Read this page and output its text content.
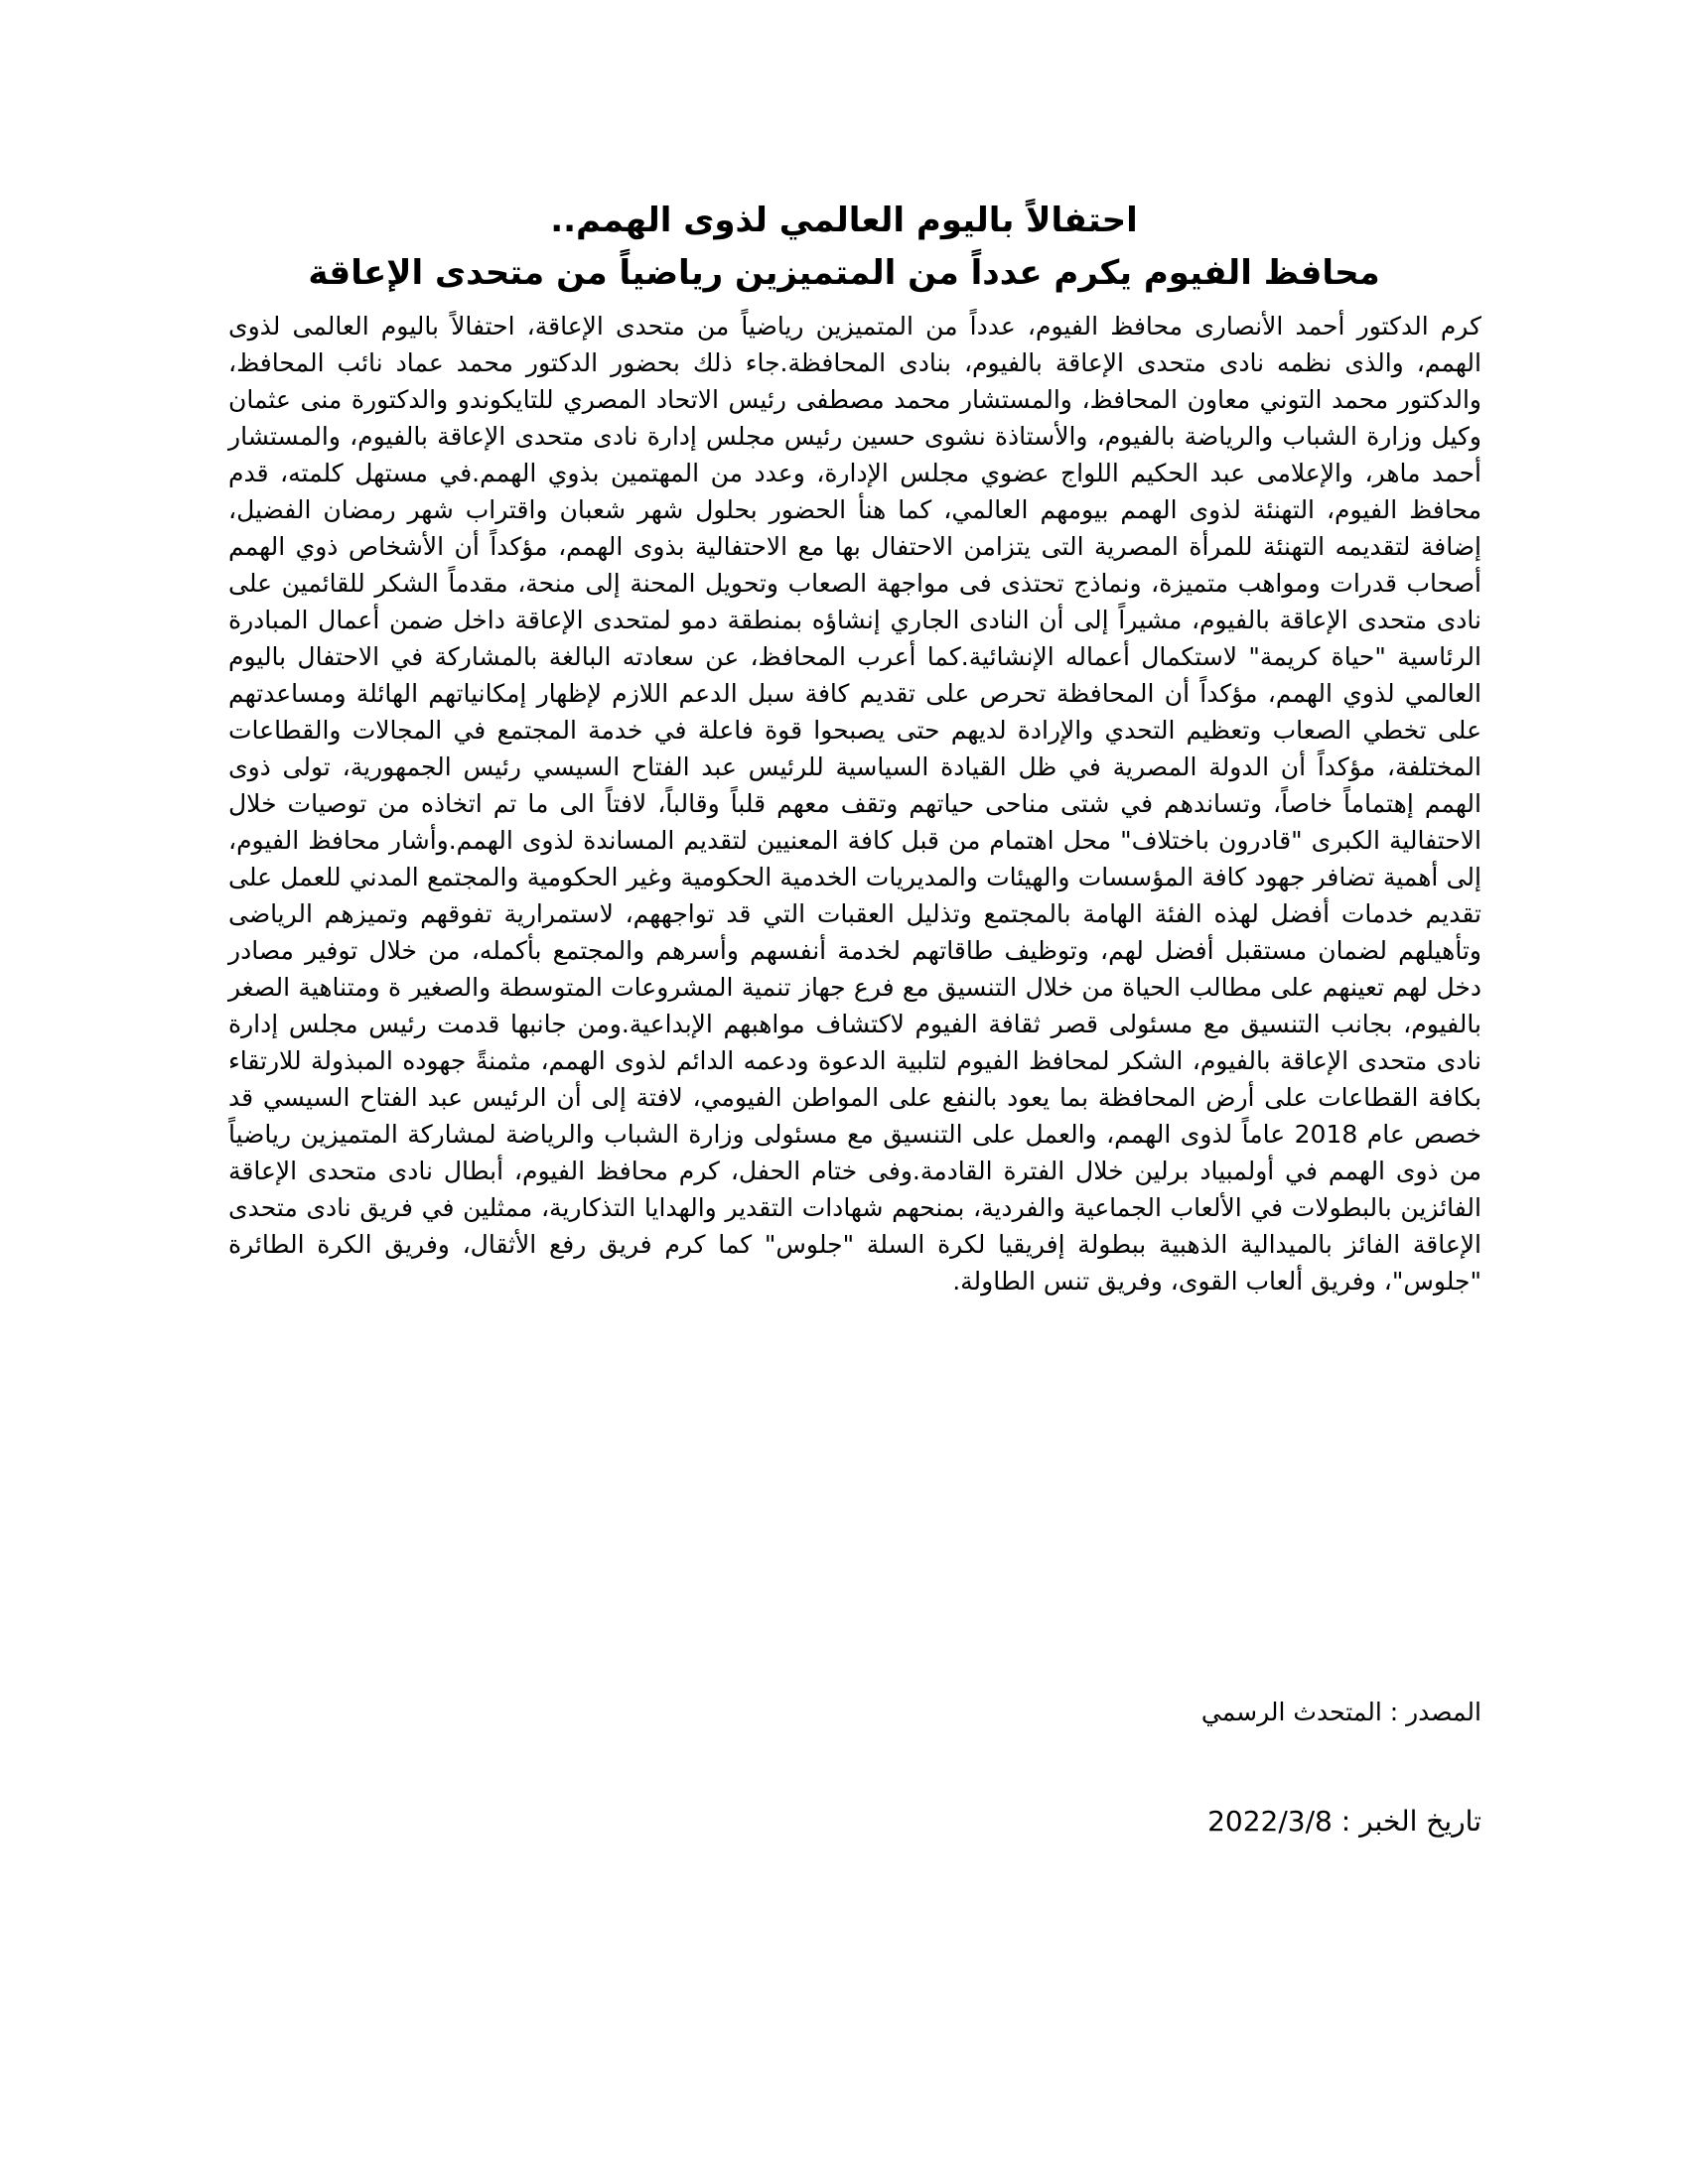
احتفالاً باليوم العالمي لذوى الهمم..
محافظ الفيوم يكرم عدداً من المتميزين رياضياً من متحدى الإعاقة
كرم الدكتور أحمد الأنصارى محافظ الفيوم، عدداً من المتميزين رياضياً من متحدى الإعاقة، احتفالاً باليوم العالمى لذوى الهمم، والذى نظمه نادى متحدى الإعاقة بالفيوم، بنادى المحافظة.جاء ذلك بحضور الدكتور محمد عماد نائب المحافظ، والدكتور محمد التوني معاون المحافظ، والمستشار محمد مصطفى رئيس الاتحاد المصري للتايكوندو والدكتورة منى عثمان وكيل وزارة الشباب والرياضة بالفيوم، والأستاذة نشوى حسين رئيس مجلس إدارة نادى متحدى الإعاقة بالفيوم، والمستشار أحمد ماهر، والإعلامى عبد الحكيم اللواج عضوي مجلس الإدارة، وعدد من المهتمين بذوي الهمم.في مستهل كلمته، قدم محافظ الفيوم، التهنئة لذوى الهمم بيومهم العالمي، كما هنأ الحضور بحلول شهر شعبان واقتراب شهر رمضان الفضيل، إضافة لتقديمه التهنئة للمرأة المصرية التى يتزامن الاحتفال بها مع الاحتفالية بذوى الهمم، مؤكداً أن الأشخاص ذوي الهمم أصحاب قدرات ومواهب متميزة، ونماذج تحتذى فى مواجهة الصعاب وتحويل المحنة إلى منحة، مقدماً الشكر للقائمين على نادى متحدى الإعاقة بالفيوم، مشيراً إلى أن النادى الجاري إنشاؤه بمنطقة دمو لمتحدى الإعاقة داخل ضمن أعمال المبادرة الرئاسية "حياة كريمة" لاستكمال أعماله الإنشائية.كما أعرب المحافظ، عن سعادته البالغة بالمشاركة في الاحتفال باليوم العالمي لذوي الهمم، مؤكداً أن المحافظة تحرص على تقديم كافة سبل الدعم اللازم لإظهار إمكانياتهم الهائلة ومساعدتهم على تخطي الصعاب وتعظيم التحدي والإرادة لديهم حتى يصبحوا قوة فاعلة في خدمة المجتمع في المجالات والقطاعات المختلفة، مؤكداً أن الدولة المصرية في ظل القيادة السياسية للرئيس عبد الفتاح السيسي رئيس الجمهورية، تولى ذوى الهمم إهتماماً خاصاً، وتساندهم في شتى مناحى حياتهم وتقف معهم قلباً وقالباً، لافتاً الى ما تم اتخاذه من توصيات خلال الاحتفالية الكبرى "قادرون باختلاف" محل اهتمام من قبل كافة المعنيين لتقديم المساندة لذوى الهمم.وأشار محافظ الفيوم، إلى أهمية تضافر جهود كافة المؤسسات والهيئات والمديريات الخدمية الحكومية وغير الحكومية والمجتمع المدني للعمل على تقديم خدمات أفضل لهذه الفئة الهامة بالمجتمع وتذليل العقبات التي قد تواجههم، لاستمرارية تفوقهم وتميزهم الرياضى وتأهيلهم لضمان مستقبل أفضل لهم، وتوظيف طاقاتهم لخدمة أنفسهم وأسرهم والمجتمع بأكمله، من خلال توفير مصادر دخل لهم تعينهم على مطالب الحياة من خلال التنسيق مع فرع جهاز تنمية المشروعات المتوسطة والصغير ة ومتناهية الصغر بالفيوم، بجانب التنسيق مع مسئولى قصر ثقافة الفيوم لاكتشاف مواهبهم الإبداعية.ومن جانبها قدمت رئيس مجلس إدارة نادى متحدى الإعاقة بالفيوم، الشكر لمحافظ الفيوم لتلبية الدعوة ودعمه الدائم لذوى الهمم، مثمنةً جهوده المبذولة للارتقاء بكافة القطاعات على أرض المحافظة بما يعود بالنفع على المواطن الفيومي، لافتة إلى أن الرئيس عبد الفتاح السيسي قد خصص عام 2018 عاماً لذوى الهمم، والعمل على التنسيق مع مسئولى وزارة الشباب والرياضة لمشاركة المتميزين رياضياً من ذوى الهمم في أولمبياد برلين خلال الفترة القادمة.وفى ختام الحفل، كرم محافظ الفيوم، أبطال نادى متحدى الإعاقة الفائزين بالبطولات في الألعاب الجماعية والفردية، بمنحهم شهادات التقدير والهدايا التذكارية، ممثلين في فريق نادى متحدى الإعاقة الفائز بالميدالية الذهبية ببطولة إفريقيا لكرة السلة "جلوس" كما كرم فريق رفع الأثقال، وفريق الكرة الطائرة "جلوس"، وفريق ألعاب القوى، وفريق تنس الطاولة.
المصدر : المتحدث الرسمي
تاريخ الخبر : 2022/3/8
